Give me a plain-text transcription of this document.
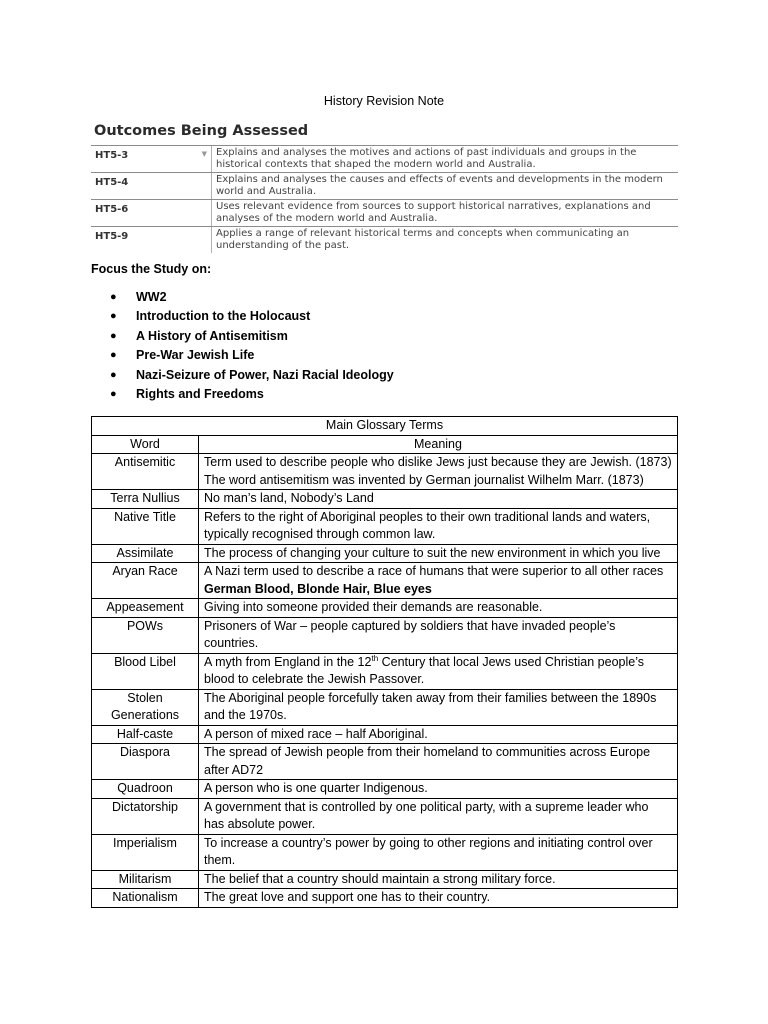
History Revision Note
Outcomes Being Assessed
HT5-3	▼ Explains and analyses the motives and actions of past individuals and groups in the historical contexts that shaped the modern world and Australia.
HT5-4	Explains and analyses the causes and effects of events and developments in the modern world and Australia.
HT5-6	Uses relevant evidence from sources to support historical narratives, explanations and analyses of the modern world and Australia.
HT5-9	Applies a range of relevant historical terms and concepts when communicating an understanding of the past.
Focus the Study on:
● WW2
● Introduction to the Holocaust
● A History of Antisemitism
● Pre-War Jewish Life
● Nazi-Seizure of Power, Nazi Racial Ideology
● Rights and Freedoms
Main Glossary Terms	
Word	Meaning
Antisemitic	Term used to describe people who dislike Jews just because they are Jewish. (1873)
The word antisemitism was invented by German journalist Wilhelm Marr. (1873)
Terra Nullius	No man’s land, Nobody’s Land
Native Title	Refers to the right of Aboriginal peoples to their own traditional lands and waters, typically recognised through common law.
Assimilate	The process of changing your culture to suit the new environment in which you live
Aryan Race	A Nazi term used to describe a race of humans that were superior to all other races
German Blood, Blonde Hair, Blue eyes
Appeasement	Giving into someone provided their demands are reasonable.
POWs	Prisoners of War – people captured by soldiers that have invaded people’s countries.
Blood Libel	A myth from England in the 12th Century that local Jews used Christian people’s blood to celebrate the Jewish Passover.
Stolen Generations	The Aboriginal people forcefully taken away from their families between the 1890s and the 1970s.
Half-caste	A person of mixed race – half Aboriginal.
Diaspora	The spread of Jewish people from their homeland to communities across Europe after AD72
Quadroon	A person who is one quarter Indigenous.
Dictatorship	A government that is controlled by one political party, with a supreme leader who has absolute power.
Imperialism	To increase a country’s power by going to other regions and initiating control over them.
Militarism	The belief that a country should maintain a strong military force.
Nationalism	The great love and support one has to their country.
